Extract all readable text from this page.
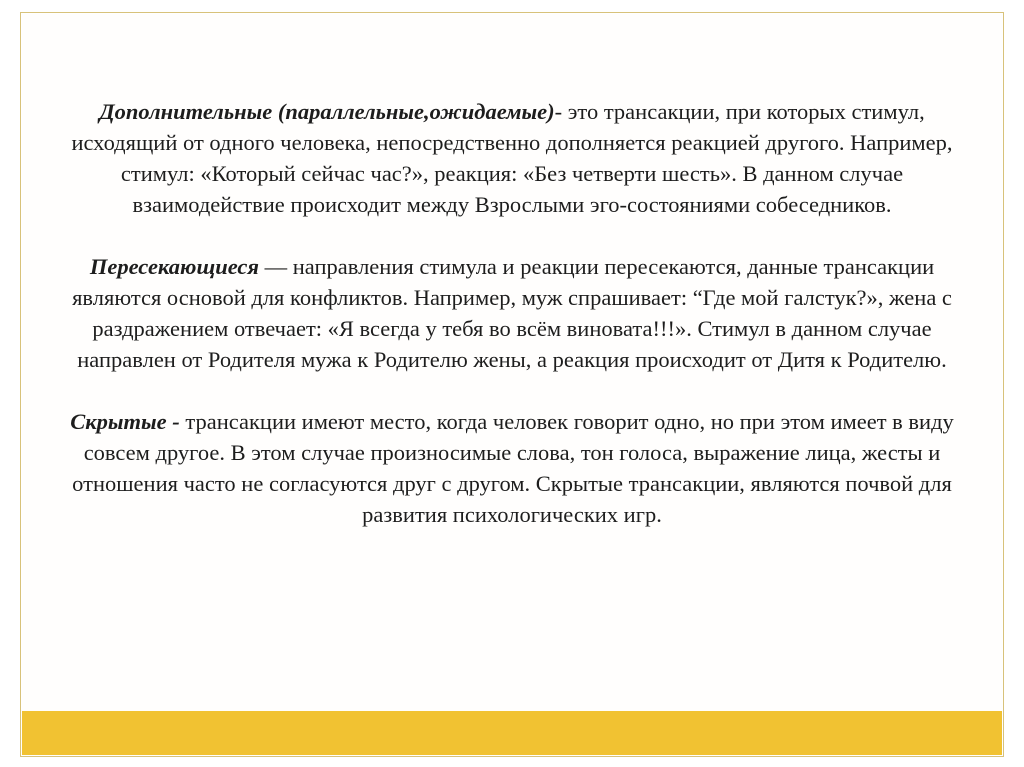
Дополнительные (параллельные,ожидаемые)- это трансакции, при которых стимул, исходящий от одного человека, непосредственно дополняется реакцией другого. Например, стимул: «Который сейчас час?», реакция: «Без четверти шесть». В данном случае взаимодействие происходит между Взрослыми эго-состояниями собеседников.

Пересекающиеся — направления стимула и реакции пересекаются, данные трансакции являются основой для конфликтов. Например, муж спрашивает: “Где мой галстук?», жена с раздражением отвечает: «Я всегда у тебя во всём виновата!!!». Стимул в данном случае направлен от Родителя мужа к Родителю жены, а реакция происходит от Дитя к Родителю.

Скрытые - трансакции имеют место, когда человек говорит одно, но при этом имеет в виду совсем другое. В этом случае произносимые слова, тон голоса, выражение лица, жесты и отношения часто не согласуются друг с другом. Скрытые трансакции, являются почвой для развития психологических игр.
